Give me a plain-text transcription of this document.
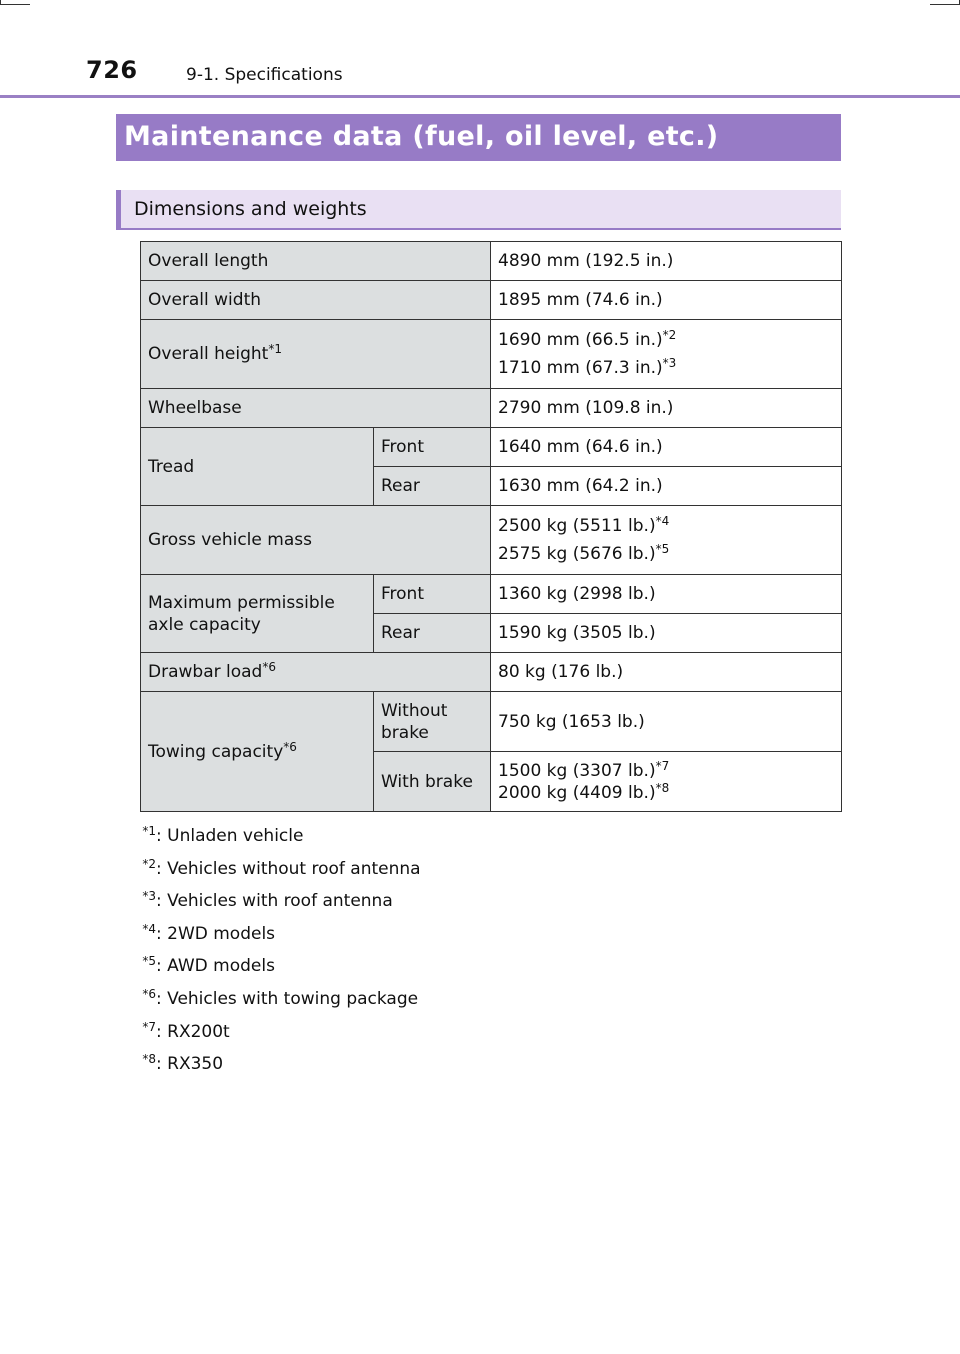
726	9-1. Specifications
Maintenance data (fuel, oil level, etc.)
Dimensions and weights
Overall length		4890 mm (192.5 in.)
Overall width		1895 mm (74.6 in.)
Overall height$^{*1}$		1690 mm (66.5 in.)$^{*2}$
1710 mm (67.3 in.)$^{*3}$

Wheelbase		2790 mm (109.8 in.)
Tread	Front	1640 mm (64.6 in.)
	Rear	1630 mm (64.2 in.)
Gross vehicle mass		2500 kg (5511 lb.)$^{*4}$
2575 kg (5676 lb.)$^{*5}$

Maximum permissible axle capacity	Front	1360 kg (2998 lb.)
	Rear	1590 kg (3505 lb.)
Drawbar load$^{*6}$		80 kg (176 lb.)
Towing capacity$^{*6}$	Without brake	750 kg (1653 lb.)
	With brake	1500 kg (3307 lb.)$^{*7}$
2000 kg (4409 lb.)$^{*8}$
$^{*1}$: Unladen vehicle
$^{*2}$: Vehicles without roof antenna
$^{*3}$: Vehicles with roof antenna
$^{*4}$: 2WD models
$^{*5}$: AWD models
$^{*6}$: Vehicles with towing package
$^{*7}$: RX200t
$^{*8}$: RX350
